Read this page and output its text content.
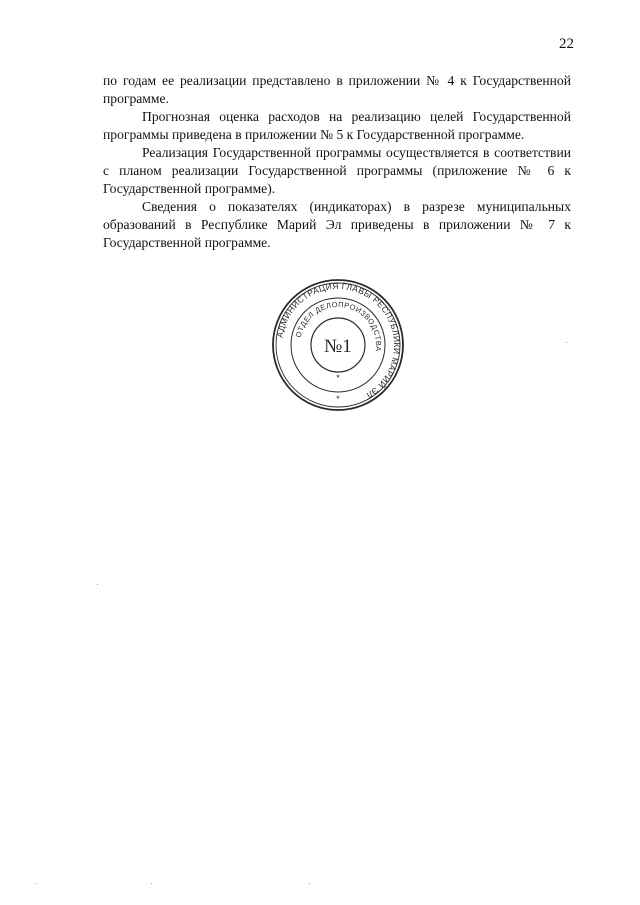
22

по годам ее реализации представлено в приложении № 4 к Государственной программе.

Прогнозная оценка расходов на реализацию целей Государственной программы приведена в приложении № 5 к Государственной программе.

Реализация Государственной программы осуществляется в соответствии с планом реализации Государственной программы (приложение № 6 к Государственной программе).

Сведения о показателях (индикаторах) в разрезе муниципальных образований в Республике Марий Эл приведены в приложении № 7 к Государственной программе.

АДМИНИСТРАЦИЯ ГЛАВЫ РЕСПУБЛИКИ МАРИЙ ЭЛ
ОТДЕЛ ДЕЛОПРОИЗВОДСТВА
№1
*
*
